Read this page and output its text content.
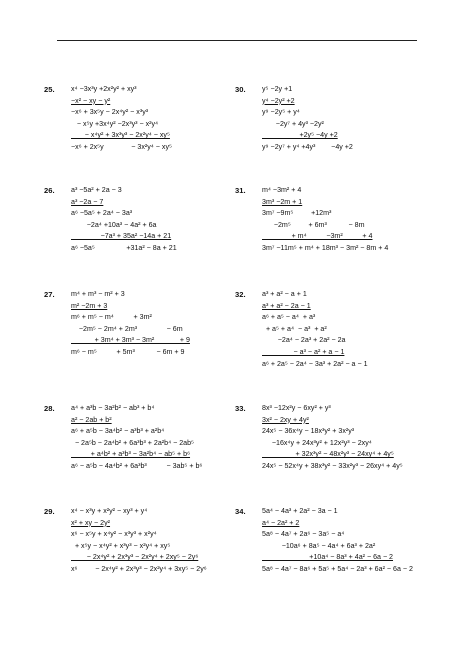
25. x⁴ −3x³y +2x²y² + xy³
−x² − xy − y²
−x⁶ + 3x⁵y − 2x⁴y² − x³y³
− x⁵y +3x⁴y² −2x³y³ − x²y⁴
− x⁴y² + 3x³y³ − 2x²y⁴ − xy⁵
−x⁶ + 2x⁵y              − 3x²y⁴ − xy⁵
30. y⁵ −2y +1
y⁴ −2y² +2
y⁹ −2y⁵ + y⁴
−2y⁷ + 4y³ −2y²
+2y⁵ −4y +2
y⁹ −2y⁷ + y⁴ +4y³        −4y +2
26. a³ −5a² + 2a − 3
a³ −2a − 7
a⁶ −5a⁵ + 2a⁴ − 3a³
−2a⁴ +10a³ − 4a² + 6a
−7a³ + 35a² −14a + 21
a⁶ −5a⁵                +31a² − 8a + 21
31. m⁴ −3m² + 4
3m³ −2m + 1
3m⁷ −9m⁵         +12m³
−2m⁵         + 6m³           − 8m
+ m⁴          −3m²          + 4
3m⁷ −11m⁵ + m⁴ + 18m³ − 3m² − 8m + 4
27. m⁴ + m³ − m² + 3
m² −2m + 3
m⁶ + m⁵ − m⁴          + 3m²
−2m⁵ − 2m⁴ + 2m³               − 6m
+ 3m⁴ + 3m³ − 3m²             + 9
m⁶ − m⁵          + 5m³           − 6m + 9
32. a³ + a² − a + 1
a³ + a² − 2a − 1
a⁶ + a⁵ − a⁴  + a³
+ a⁵ + a⁴  − a³  + a²
−2a⁴ − 2a³ + 2a² − 2a
− a³ − a² + a − 1
a⁶ + 2a⁵ − 2a⁴ − 3a³ + 2a² − a − 1
28. a⁴ + a³b − 3a²b² − ab³ + b⁴
a² − 2ab + b²
a⁶ + a⁵b − 3a⁴b² − a³b³ + a²b⁴
− 2a⁵b − 2a⁴b² + 6a³b³ + 2a²b⁴ − 2ab⁵
+ a⁴b² + a³b³ − 3a²b⁴ − ab⁵ + b⁶
a⁶ − a⁵b − 4a⁴b² + 6a³b³          − 3ab⁵ + b⁶
33. 8x³ −12x²y − 6xy² + y³
3x² − 2xy + 4y²
24x⁵ − 36x⁴y − 18x³y² + 3x²y³
−16x⁴y + 24x³y² + 12x²y³ − 2xy⁴
+ 32x³y² − 48x²y³ − 24xy⁴ + 4y⁵
24x⁵ − 52x⁴y + 38x³y² − 33x²y³ − 26xy⁴ + 4y⁵
29. x⁴ − x³y + x²y² − xy³ + y⁴
x² + xy − 2y²
x⁶ − x⁵y + x⁴y² − x³y³ + x²y⁴
+ x⁵y − x⁴y² + x³y³ − x²y⁴ + xy⁵
− 2x⁴y² + 2x³y³ − 2x²y⁴ + 2xy⁵ − 2y⁶
x⁶         − 2x⁴y² + 2x³y³ − 2x²y⁴ + 3xy⁵ − 2y⁶
34. 5a⁴ − 4a³ + 2a² − 3a − 1
a⁴ − 2a² + 2
5a⁸ − 4a⁷ + 2a⁶ − 3a⁵ − a⁴
−10a⁶ + 8a⁵ − 4a⁴ + 6a³ + 2a²
+10a⁴ − 8a³ + 4a² − 6a − 2
5a⁸ − 4a⁷ − 8a⁶ + 5a⁵ + 5a⁴ − 2a³ + 6a² − 6a − 2
